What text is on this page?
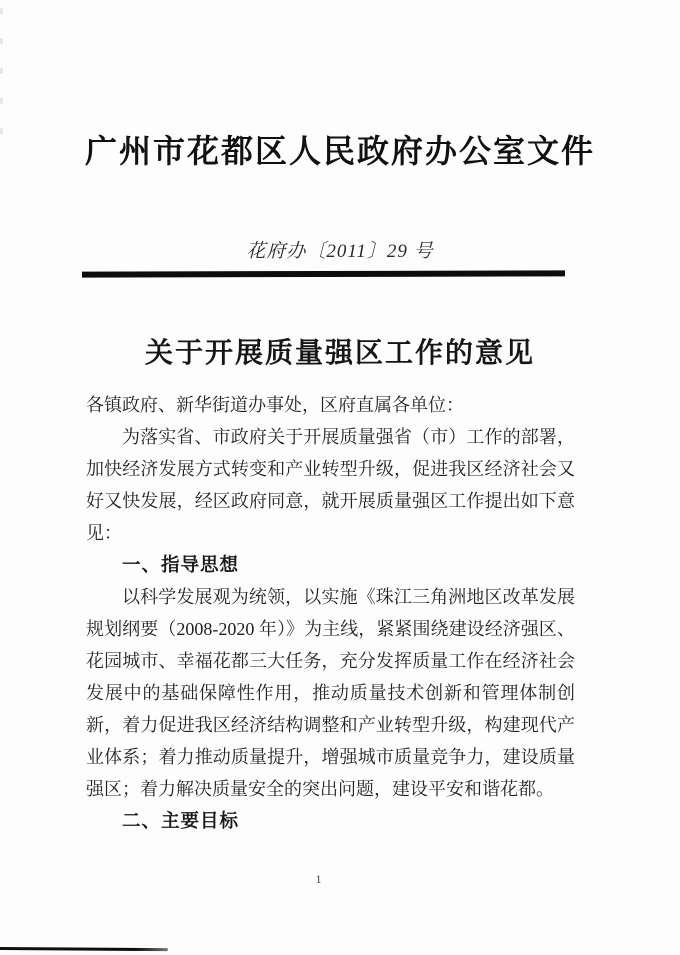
广州市花都区人民政府办公室文件
花府办〔2011〕29 号
关于开展质量强区工作的意见
各镇政府、新华街道办事处，区府直属各单位：
为落实省、市政府关于开展质量强省（市）工作的部署，
加快经济发展方式转变和产业转型升级，促进我区经济社会又
好又快发展，经区政府同意，就开展质量强区工作提出如下意
见：
一、指导思想
以科学发展观为统领，以实施《珠江三角洲地区改革发展
规划纲要（2008-2020 年）》为主线，紧紧围绕建设经济强区、
花园城市、幸福花都三大任务，充分发挥质量工作在经济社会
发展中的基础保障性作用，推动质量技术创新和管理体制创
新，着力促进我区经济结构调整和产业转型升级，构建现代产
业体系；着力推动质量提升，增强城市质量竞争力，建设质量
强区；着力解决质量安全的突出问题，建设平安和谐花都。
二、主要目标
1
